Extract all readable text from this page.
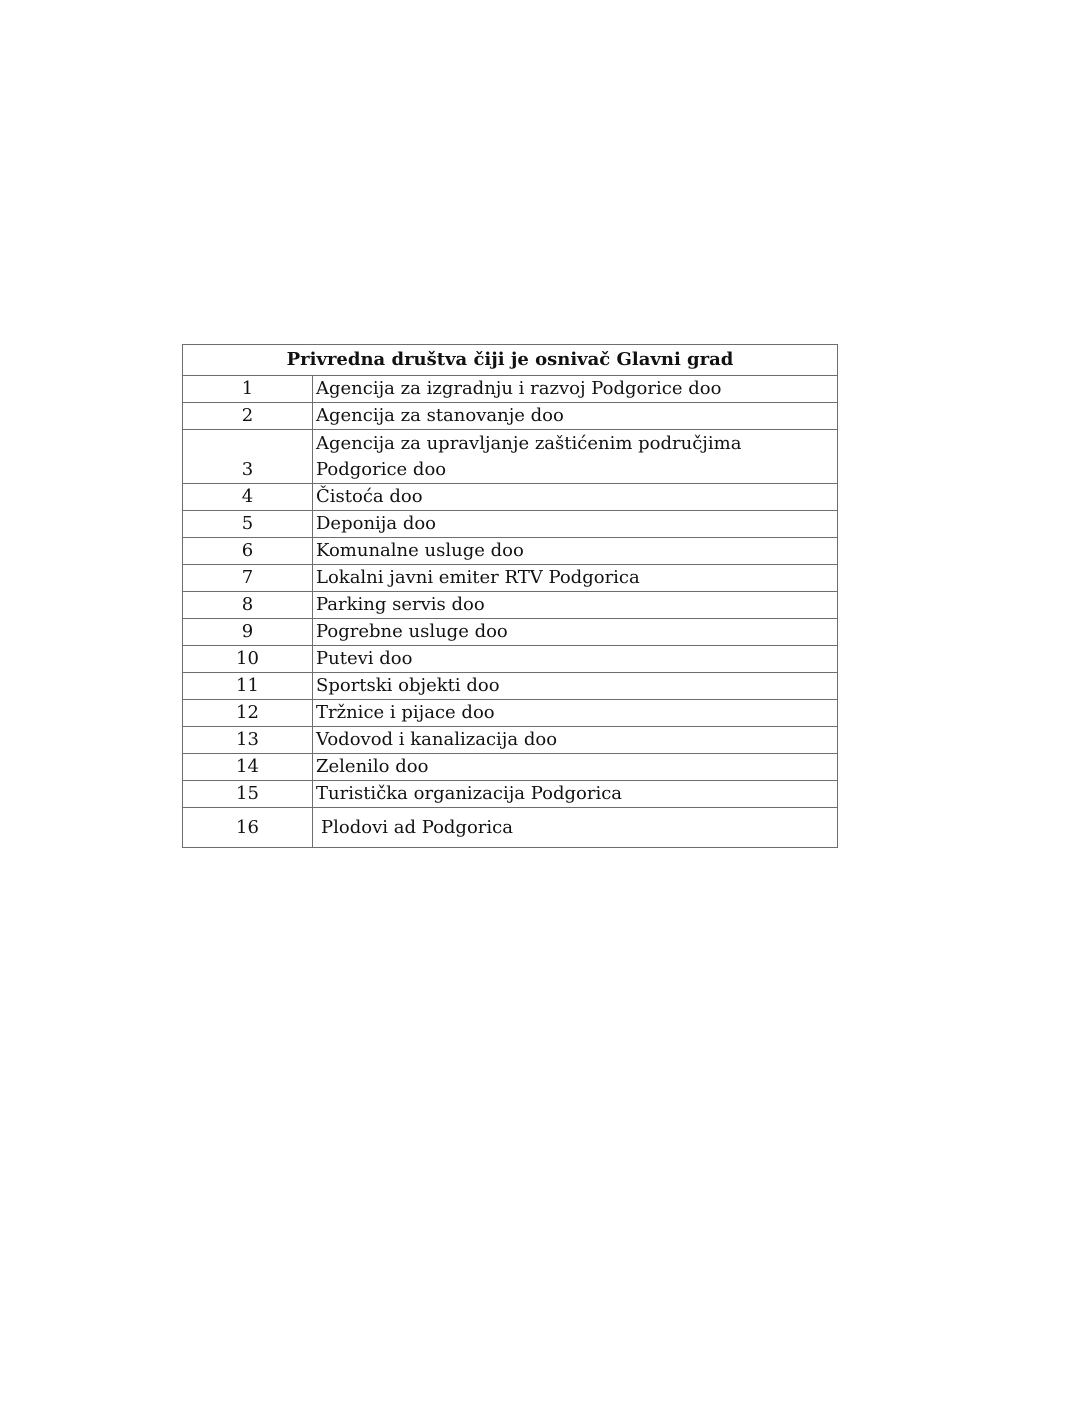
Privredna društva čiji je osnivač Glavni grad	
1	Agencija za izgradnju i razvoj Podgorice doo
2	Agencija za stanovanje doo
3	Agencija za upravljanje zaštićenim područjima Podgorice doo
4	Čistoća doo
5	Deponija doo
6	Komunalne usluge doo
7	Lokalni javni emiter RTV Podgorica
8	Parking servis doo
9	Pogrebne usluge doo
10	Putevi doo
11	Sportski objekti doo
12	Tržnice i pijace doo
13	Vodovod i kanalizacija doo
14	Zelenilo doo
15	Turistička organizacija Podgorica
16	Plodovi ad Podgorica
